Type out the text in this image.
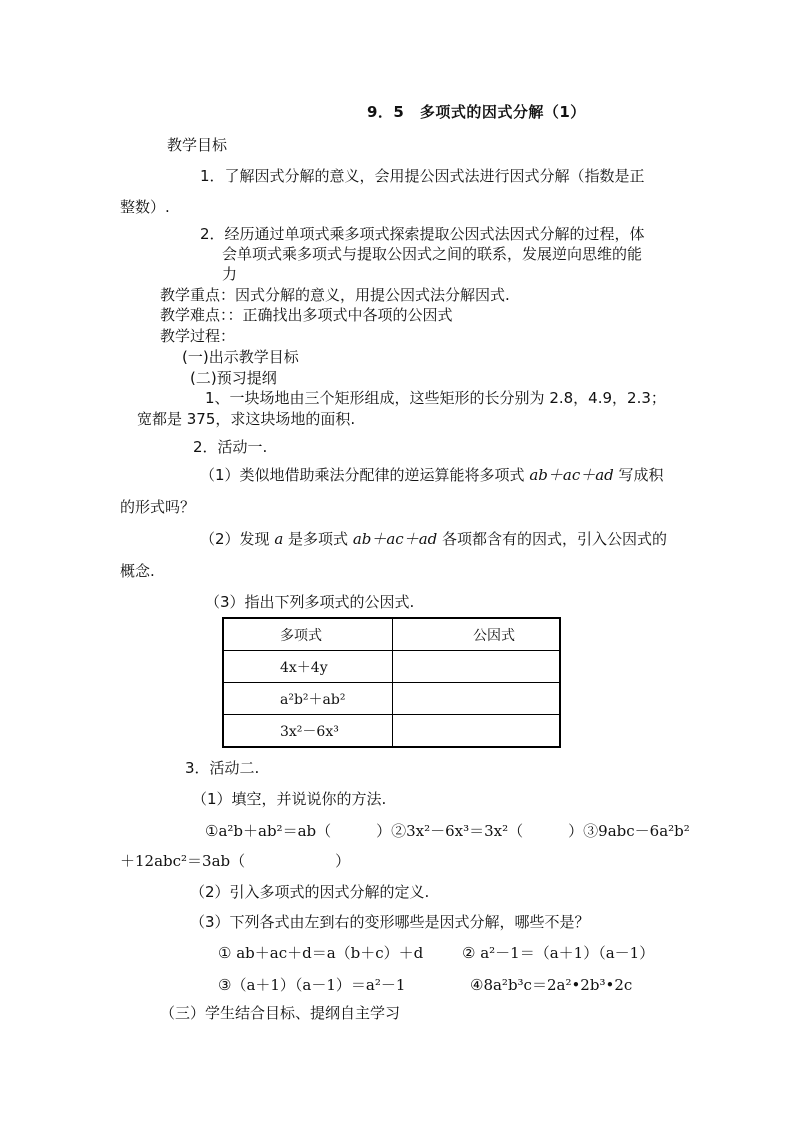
9．5　多项式的因式分解（1）
教学目标
1．了解因式分解的意义，会用提公因式法进行因式分解（指数是正
整数）.
2．经历通过单项式乘多项式探索提取公因式法因式分解的过程，体
会单项式乘多项式与提取公因式之间的联系，发展逆向思维的能
力
教学重点：因式分解的意义，用提公因式法分解因式.
教学难点：：正确找出多项式中各项的公因式
教学过程：
(一)出示教学目标
(二)预习提纲
1、一块场地由三个矩形组成，这些矩形的长分别为 2.8，4.9，2.3；
宽都是 375，求这块场地的面积.
2．活动一.
（1）类似地借助乘法分配律的逆运算能将多项式 ab＋ac＋ad 写成积
的形式吗？
（2）发现 a 是多项式 ab＋ac＋ad 各项都含有的因式，引入公因式的
概念.
（3）指出下列多项式的公因式.
多项式	公因式
4x＋4y	
a²b²＋ab²	
3x²－6x³	
3．活动二.
（1）填空，并说说你的方法.
①a²b＋ab²＝ab（　　　）②3x²－6x³＝3x²（　　　）③9abc－6a²b²
＋12abc²＝3ab（　　　　　　）
（2）引入多项式的因式分解的定义.
（3）下列各式由左到右的变形哪些是因式分解，哪些不是？
① ab＋ac＋d＝a（b＋c）＋d	② a²－1＝（a＋1）（a－1）
③（a＋1）（a－1）＝a²－1	④8a²b³c＝2a²•2b³•2c
（三）学生结合目标、提纲自主学习
